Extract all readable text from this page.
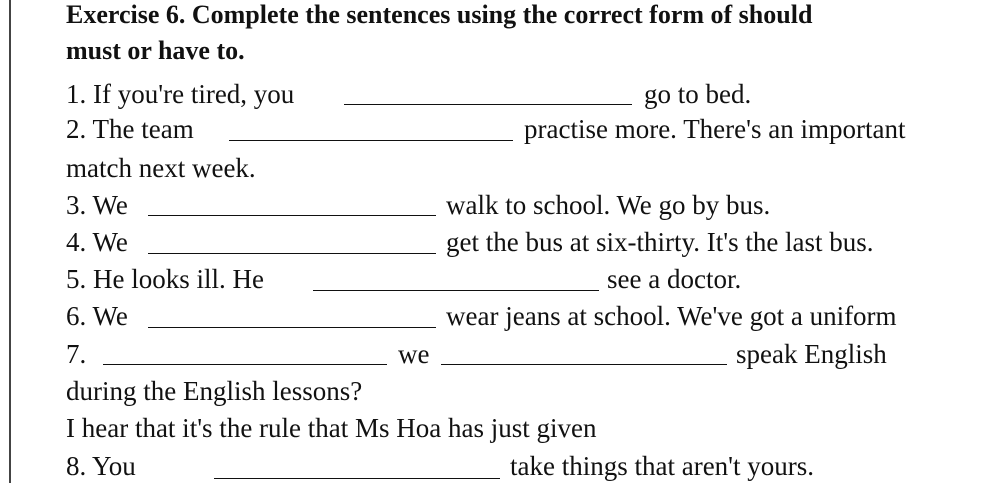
Exercise 6. Complete the sentences using the correct form of should
must or have to.
1. If you're tired, you	go to bed.
2. The team	practise more. There's an important
match next week.
3. We	walk to school. We go by bus.
4. We	get the bus at six-thirty. It's the last bus.
5. He looks ill. He	see a doctor.
6. We	wear jeans at school. We've got a uniform
7.	we	speak English
during the English lessons?
I hear that it's the rule that Ms Hoa has just given
8. You	take things that aren't yours.
